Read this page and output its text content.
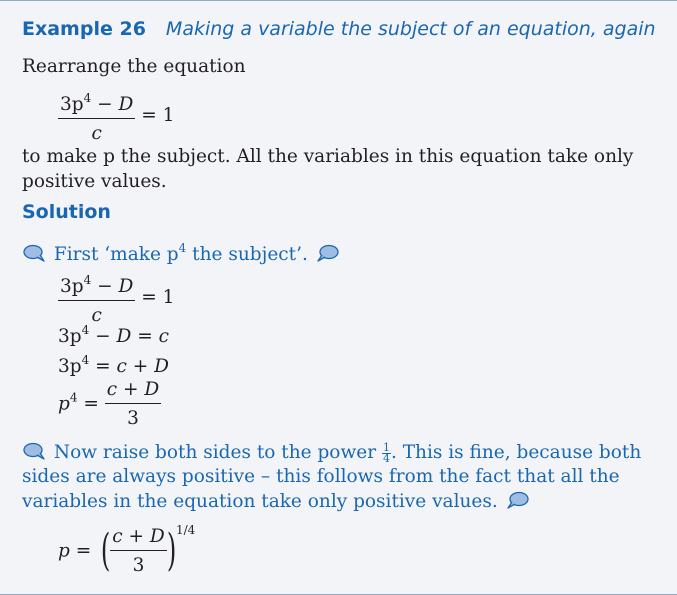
Example 26 Making a variable the subject of an equation, again
Rearrange the equation
$\frac{3p^4 - D}{c} = 1$
to make p the subject. All the variables in this equation take only
positive values.
Solution
First ‘make $p^4$ the subject’.
$\frac{3p^4 - D}{c} = 1$
$3p^4 - D = c$
$3p^4 = c + D$
$p^4 = \frac{c + D}{3}$
Now raise both sides to the power $\frac{1}{4}$ . This is fine, because both
sides are always positive – this follows from the fact that all the
variables in the equation take only positive values.
p = ( $\frac{c + D}{3} )^{1/4}$
